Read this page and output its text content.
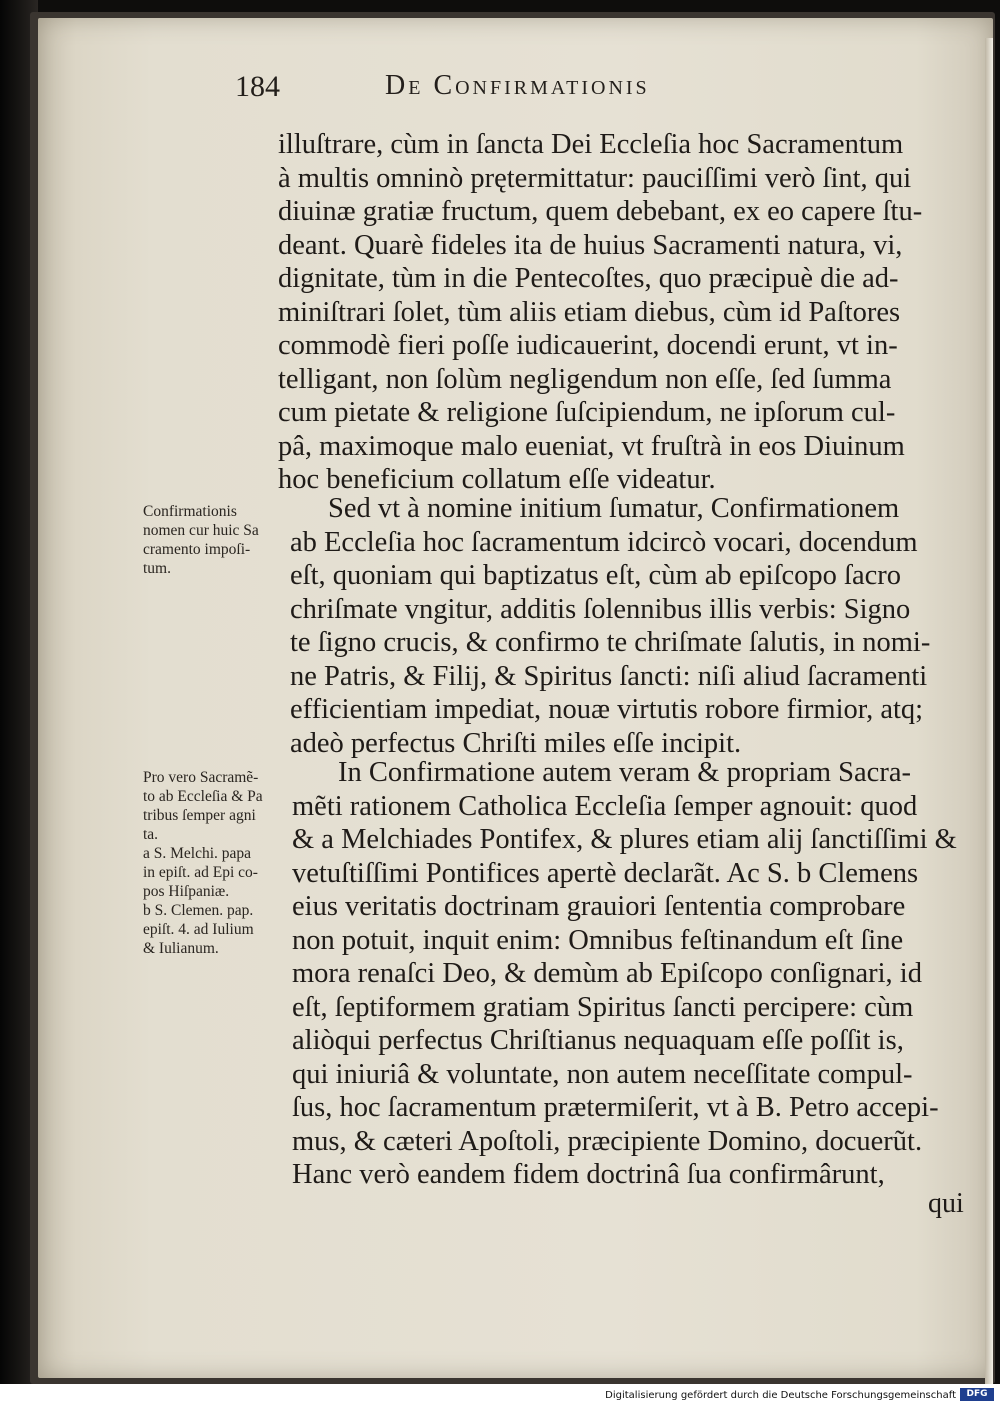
184	De Confirmationis
illuſtrare, cùm in ſancta Dei Eccleſia hoc Sacramentum
à multis omninò prętermittatur: pauciſſimi verò ſint, qui
diuinæ gratiæ fructum, quem debebant, ex eo capere ſtu-
deant. Quarè fideles ita de huius Sacramenti natura, vi,
dignitate, tùm in die Pentecoſtes, quo præcipuè die ad-
miniſtrari ſolet, tùm aliis etiam diebus, cùm id Paſtores
commodè fieri poſſe iudicauerint, docendi erunt, vt in-
telligant, non ſolùm negligendum non eſſe, ſed ſumma
cum pietate & religione ſuſcipiendum, ne ipſorum cul-
pâ, maximoque malo eueniat, vt fruſtrà in eos Diuinum
hoc beneficium collatum eſſe videatur.
Sed vt à nomine initium ſumatur, Confirmationem
ab Eccleſia hoc ſacramentum idcircò vocari, docendum
eſt, quoniam qui baptizatus eſt, cùm ab epiſcopo ſacro
chriſmate vngitur, additis ſolennibus illis verbis: Signo
te ſigno crucis, & confirmo te chriſmate ſalutis, in nomi-
ne Patris, & Filij, & Spiritus ſancti: niſi aliud ſacramenti
efficientiam impediat, nouæ virtutis robore firmior, atq;
adeò perfectus Chriſti miles eſſe incipit.
In Confirmatione autem veram & propriam Sacra-
mẽti rationem Catholica Eccleſia ſemper agnouit: quod
& a Melchiades Pontifex, & plures etiam alij ſanctiſſimi &
vetuſtiſſimi Pontifices apertè declarãt. Ac S. b Clemens
eius veritatis doctrinam grauiori ſententia comprobare
non potuit, inquit enim: Omnibus feſtinandum eſt ſine
mora renaſci Deo, & demùm ab Epiſcopo conſignari, id
eſt, ſeptiformem gratiam Spiritus ſancti percipere: cùm
aliòqui perfectus Chriſtianus nequaquam eſſe poſſit is,
qui iniuriâ & voluntate, non autem neceſſitate compul-
ſus, hoc ſacramentum prætermiſerit, vt à B. Petro accepi-
mus, & cæteri Apoſtoli, præcipiente Domino, docuerũt.
Hanc verò eandem fidem doctrinâ ſua confirmârunt,
qui
Confirmationis
nomen cur huic Sa
cramento impoſi-
tum.
Pro vero Sacramẽ-
to ab Eccleſia & Pa
tribus ſemper agni
ta.
a S. Melchi. papa
in epiſt. ad Epi co-
pos Hiſpaniæ.
b S. Clemen. pap.
epiſt. 4. ad Iulium
& Iulianum.
Digitalisierung gefördert durch die Deutsche Forschungsgemeinschaft	DFG
